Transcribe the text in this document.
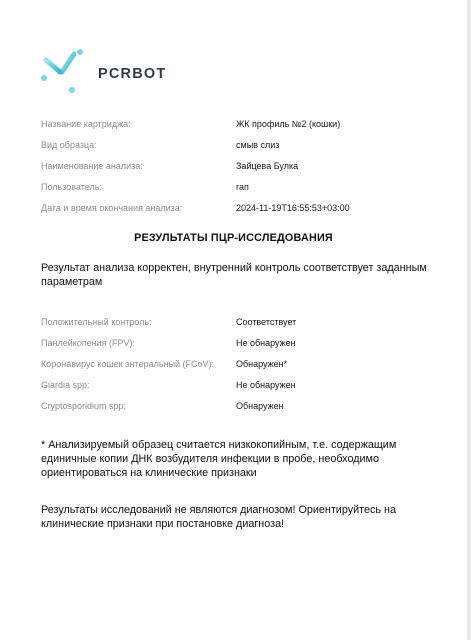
PCRBOT
Название картриджа:	ЖК профиль №2 (кошки)
Вид образца:	смыв слиз
Наименование анализа:	Зайцева Булка
Пользователь:	rап
Дата и время окончания анализа:	2024-11-19T16:55:53+03:00
РЕЗУЛЬТАТЫ ПЦР-ИССЛЕДОВАНИЯ
Результат анализа корректен, внутренний контроль соответствует заданным параметрам
Положительный контроль:	Соответствует
Панлейкопения (FPV):	Не обнаружен
Коронавирус кошек энтеральный (FCoV):	Обнаружен*
Giardia spp:	Не обнаружен
Cryptosporidium spp:	Обнаружен
* Анализируемый образец считается низкокопийным, т.е. содержащим единичные копии ДНК возбудителя инфекции в пробе, необходимо ориентироваться на клинические признаки
Результаты исследований не являются диагнозом! Ориентируйтесь на клинические признаки при постановке диагноза!
